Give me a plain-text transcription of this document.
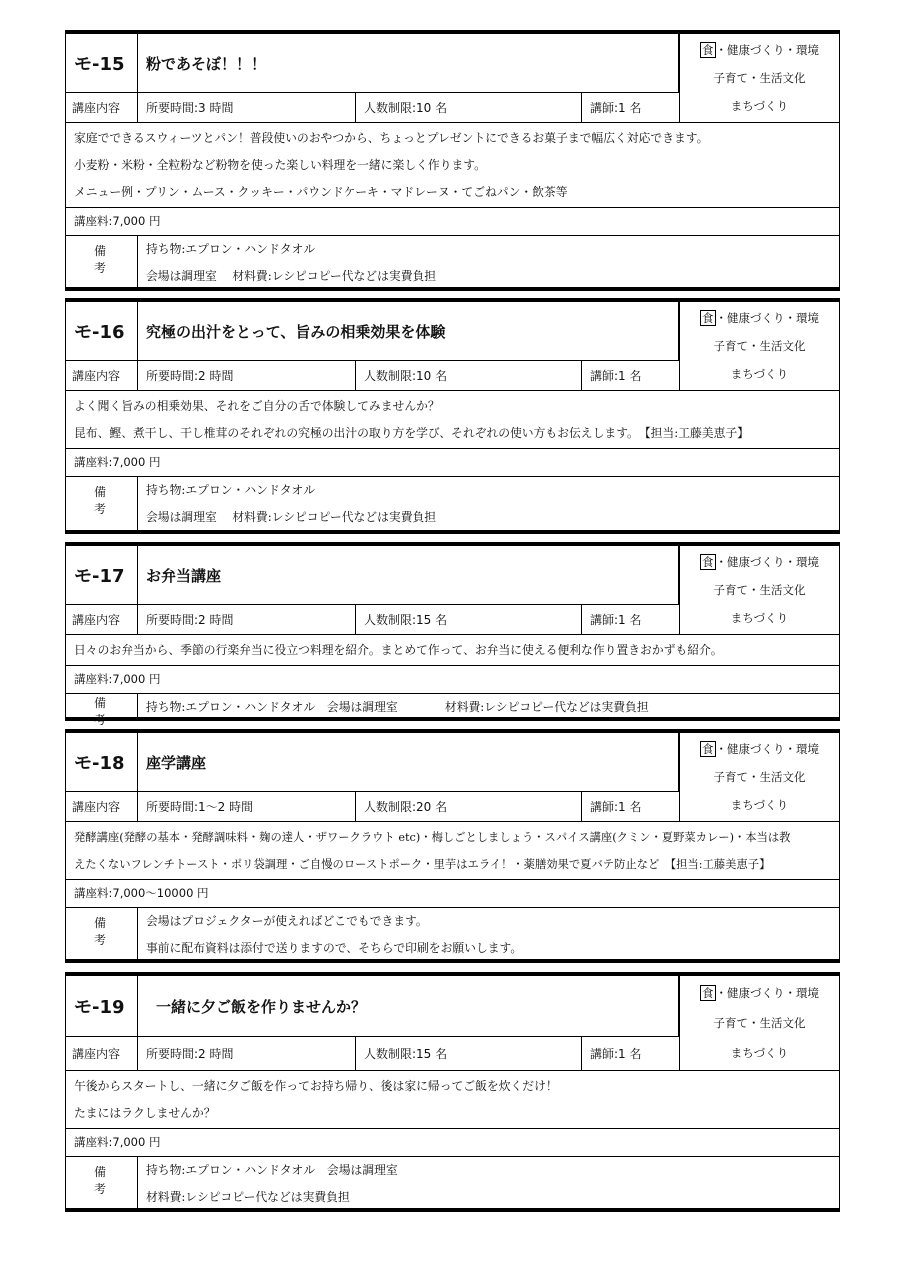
モ-15	粉であそぼ！！！
食 ・健康づくり・環境
子育て・生活文化
まちづくり
講座内容	所要時間:3 時間	人数制限:10 名	講師:1 名
家庭でできるスウィーツとパン！普段使いのおやつから、ちょっとプレゼントにできるお菓子まで幅広く対応できます。
小麦粉・米粉・全粒粉など粉物を使った楽しい料理を一緒に楽しく作ります。
メニュー例・プリン・ムース・クッキー・パウンドケーキ・マドレーヌ・てごねパン・飲茶等
講座料:7,000 円
備考
持ち物:エプロン・ハンドタオル
会場は調理室　 材料費:レシピコピー代などは実費負担
モ-16	究極の出汁をとって、旨みの相乗効果を体験
食 ・健康づくり・環境
子育て・生活文化
まちづくり
講座内容	所要時間:2 時間	人数制限:10 名	講師:1 名
よく聞く旨みの相乗効果、それをご自分の舌で体験してみませんか？
昆布、鰹、煮干し、干し椎茸のそれぞれの究極の出汁の取り方を学び、それぞれの使い方もお伝えします。　【担当:工藤美恵子】
講座料:7,000 円
備考
持ち物:エプロン・ハンドタオル
会場は調理室　 材料費:レシピコピー代などは実費負担
モ-17	お弁当講座
食 ・健康づくり・環境
子育て・生活文化
まちづくり
講座内容	所要時間:2 時間	人数制限:15 名	講師:1 名
日々のお弁当から、季節の行楽弁当に役立つ料理を紹介。まとめて作って、お弁当に使える便利な作り置きおかずも紹介。
講座料:7,000 円
備考
持ち物:エプロン・ハンドタオル　会場は調理室　　　　材料費:レシピコピー代などは実費負担
モ-18	座学講座
食 ・健康づくり・環境
子育て・生活文化
まちづくり
講座内容	所要時間:1～2 時間	人数制限:20 名	講師:1 名
発酵講座(発酵の基本・発酵調味料・麹の達人・ザワークラウト etc)・梅しごとしましょう・スパイス講座(クミン・夏野菜カレー)・本当は教
えたくないフレンチトースト・ポリ袋調理・ご自慢のローストポーク・里芋はエライ！・薬膳効果で夏バテ防止など　【担当:工藤美恵子】
講座料:7,000～10000 円
備考
会場はプロジェクターが使えればどこでもできます。
事前に配布資料は添付で送りますので、そちらで印刷をお願いします。
モ-19	一緒に夕ご飯を作りませんか？
食 ・健康づくり・環境
子育て・生活文化
まちづくり
講座内容	所要時間:2 時間	人数制限:15 名	講師:1 名
午後からスタートし、一緒に夕ご飯を作ってお持ち帰り、後は家に帰ってご飯を炊くだけ！
たまにはラクしませんか？
講座料:7,000 円
備考
持ち物:エプロン・ハンドタオル　会場は調理室
材料費:レシピコピー代などは実費負担
